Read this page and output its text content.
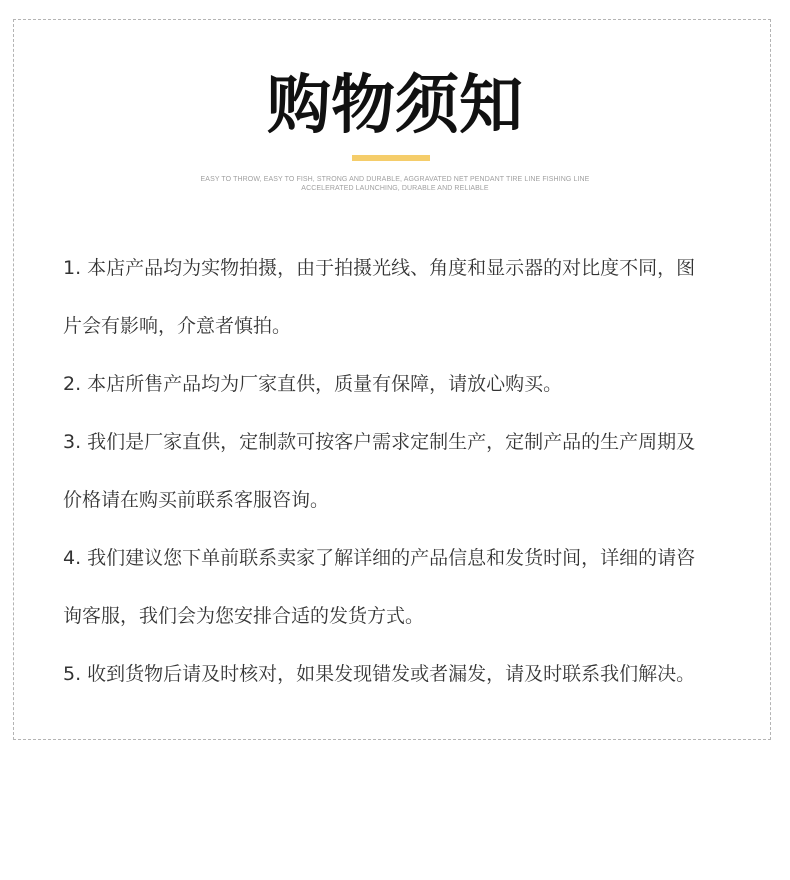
购物须知
EASY TO THROW, EASY TO FISH, STRONG AND DURABLE, AGGRAVATED NET PENDANT TIRE LINE FISHING LINE
ACCELERATED LAUNCHING, DURABLE AND RELIABLE

1. 本店产品均为实物拍摄，由于拍摄光线、角度和显示器的对比度不同，图

片会有影响，介意者慎拍。

2. 本店所售产品均为厂家直供，质量有保障，请放心购买。

3. 我们是厂家直供，定制款可按客户需求定制生产，定制产品的生产周期及

价格请在购买前联系客服咨询。

4. 我们建议您下单前联系卖家了解详细的产品信息和发货时间，详细的请咨

询客服，我们会为您安排合适的发货方式。

5. 收到货物后请及时核对，如果发现错发或者漏发，请及时联系我们解决。
